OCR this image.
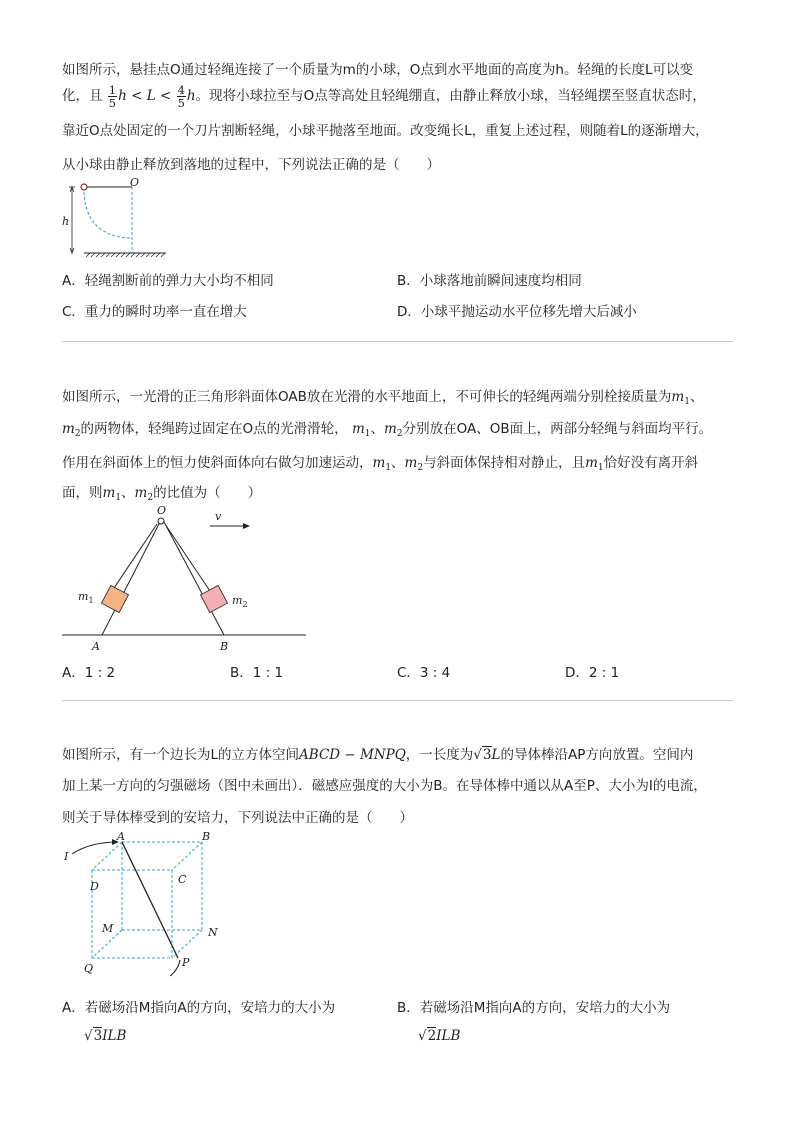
如图所示，悬挂点O通过轻绳连接了一个质量为m的小球，O点到水平地面的高度为h。轻绳的长度L可以变
化，且 $\frac{1}{5}$ $h < L < \frac{4}{5}$ h。现将小球拉至与O点等高处且轻绳绷直，由静止释放小球，当轻绳摆至竖直状态时，
靠近O点处固定的一个刀片割断轻绳，小球平抛落至地面。改变绳长L，重复上述过程，则随着L的逐渐增大，
从小球由静止释放到落地的过程中，下列说法正确的是（　　）
O
h
A．轻绳割断前的弹力大小均不相同	B．小球落地前瞬间速度均相同
C．重力的瞬时功率一直在增大	D．小球平抛运动水平位移先增大后减小
如图所示，一光滑的正三角形斜面体OAB放在光滑的水平地面上，不可伸长的轻绳两端分别栓接质量为$m_1$、
$m_2$的两物体，轻绳跨过固定在O点的光滑滑轮， $m_1$、$m_2$分别放在OA、OB面上，两部分轻绳与斜面均平行。
作用在斜面体上的恒力使斜面体向右做匀加速运动，$m_1$、$m_2$与斜面体保持相对静止，且$m_1$恰好没有离开斜
面，则$m_1$、$m_2$的比值为（　　）
v
O
$m_1$	$m_2$
A	B
A．1 : 2	B．1 : 1	C．3 : 4	D．2 : 1
如图所示，有一个边长为L的立方体空间ABCD − MNPQ，一长度为√3L的导体棒沿AP方向放置。空间内
加上某一方向的匀强磁场（图中未画出）．磁感应强度的大小为B。在导体棒中通以从A至P、大小为I的电流，
则关于导体棒受到的安培力，下列说法中正确的是（　　）
I
A	B
C
D
M	N
P
Q
A．若磁场沿M指向A的方向，安培力的大小为
√3ILB
B．若磁场沿M指向A的方向，安培力的大小为
√2ILB
